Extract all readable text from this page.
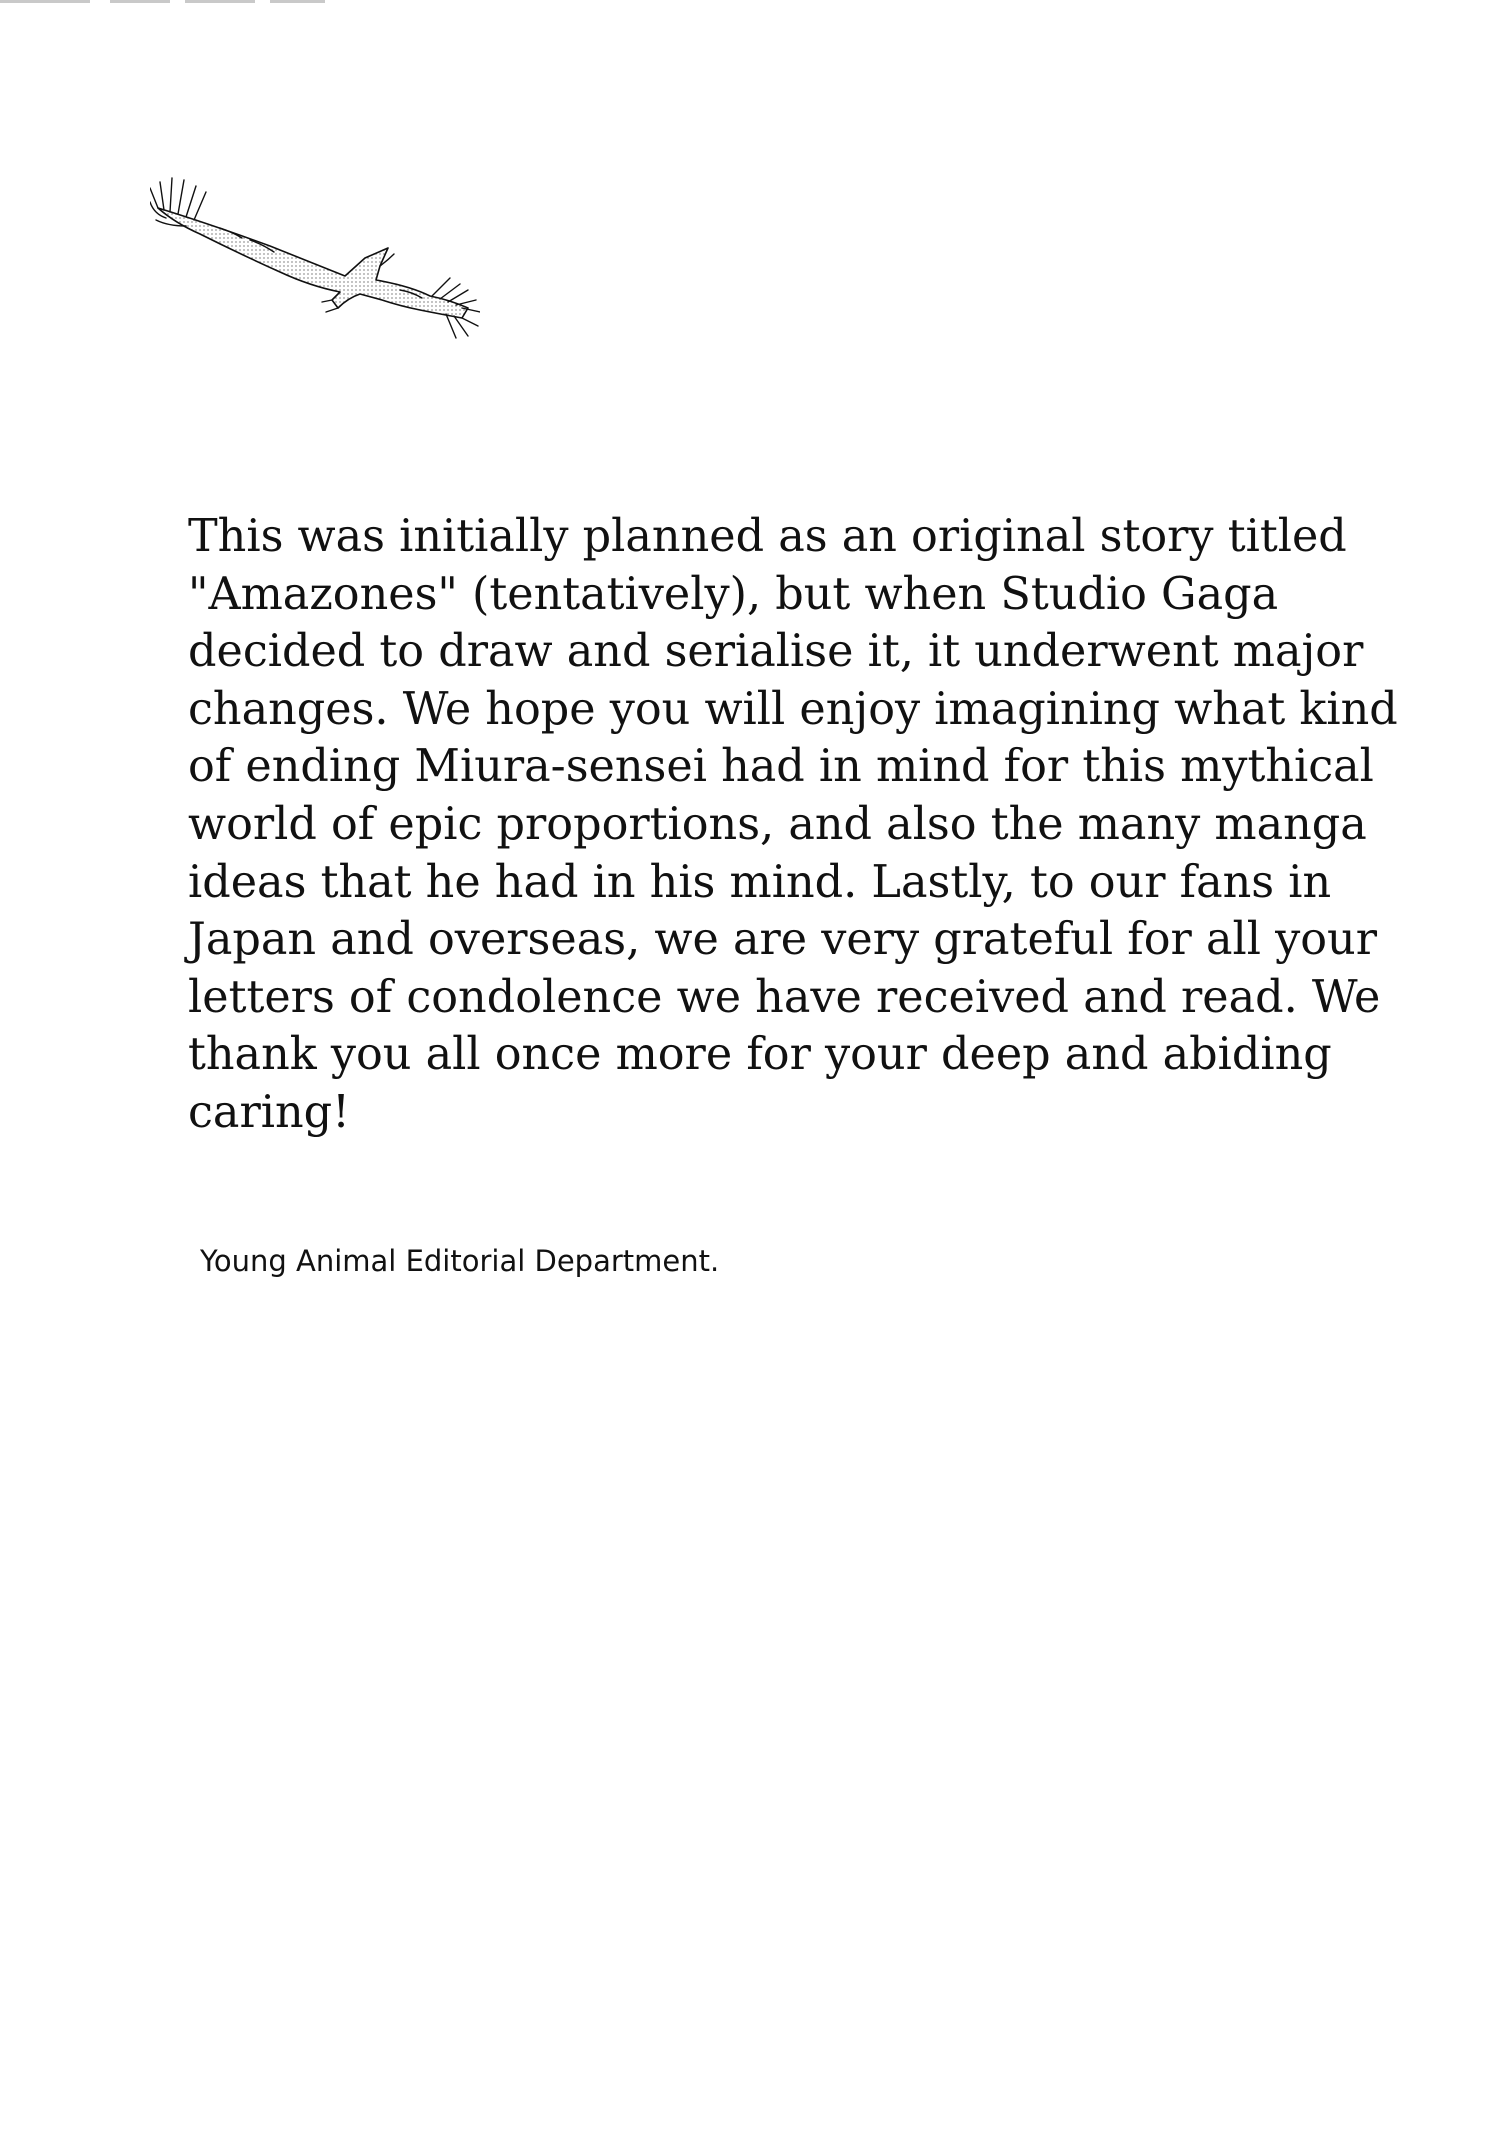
This was initially planned as an original story titled
"Amazones" (tentatively), but when Studio Gaga
decided to draw and serialise it, it underwent major
changes. We hope you will enjoy imagining what kind
of ending Miura-sensei had in mind for this mythical
world of epic proportions, and also the many manga
ideas that he had in his mind. Lastly, to our fans in
Japan and overseas, we are very grateful for all your
letters of condolence we have received and read. We
thank you all once more for your deep and abiding
caring!

Young Animal Editorial Department.
